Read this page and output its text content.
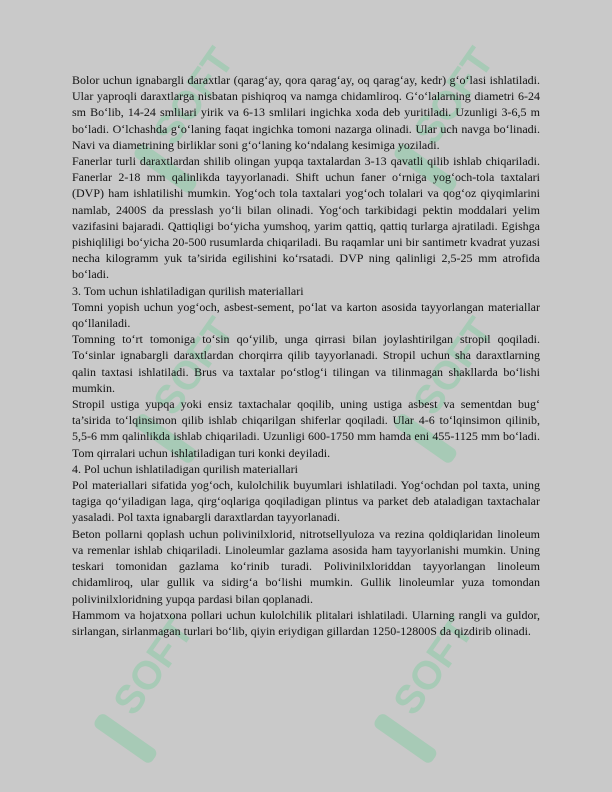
SOFT	SOFT
SOFT	SOFT
SOFT	SOFT

Bolor uchun ignabargli daraxtlar (qarag‘ay, qora qarag‘ay, oq qarag‘ay, kedr) g‘o‘lasi ishlatiladi. Ular yaproqli daraxtlarga nisbatan pishiqroq va namga chidamliroq. G‘o‘lalarning diametri 6-24 sm Bo‘lib, 14-24 smlilari yirik va 6-13 smlilari ingichka xoda deb yuritiladi. Uzunligi 3-6,5 m bo‘ladi. O‘lchashda g‘o‘laning faqat ingichka tomoni nazarga olinadi. Ular uch navga bo‘linadi. Navi va diametrining birliklar soni g‘o‘laning ko‘ndalang kesimiga yoziladi.

Fanerlar turli daraxtlardan shilib olingan yupqa taxtalardan 3-13 qavatli qilib ishlab chiqariladi. Fanerlar 2-18 mm qalinlikda tayyorlanadi. Shift uchun faner o‘rniga yog‘och-tola taxtalari (DVP) ham ishlatilishi mumkin. Yog‘och tola taxtalari yog‘och tolalari va qog‘oz qiyqimlarini namlab, 2400S da presslash yo‘li bilan olinadi. Yog‘och tarkibidagi pektin moddalari yelim vazifasini bajaradi. Qattiqligi bo‘yicha yumshoq, yarim qattiq, qattiq turlarga ajratiladi. Egishga pishiqliligi bo‘yicha 20-500 rusumlarda chiqariladi. Bu raqamlar uni bir santimetr kvadrat yuzasi necha kilogramm yuk ta’sirida egilishini ko‘rsatadi. DVP ning qalinligi 2,5-25 mm atrofida bo‘ladi.

3. Tom uchun ishlatiladigan qurilish materiallari

Tomni yopish uchun yog‘och, asbest-sement, po‘lat va karton asosida tayyorlangan materiallar qo‘llaniladi.

Tomning to‘rt tomoniga to‘sin qo‘yilib, unga qirrasi bilan joylashtirilgan stropil qoqiladi. To‘sinlar ignabargli daraxtlardan chorqirra qilib tayyorlanadi. Stropil uchun sha daraxtlarning qalin taxtasi ishlatiladi. Brus va taxtalar po‘stlog‘i tilingan va tilinmagan shakllarda bo‘lishi mumkin.

Stropil ustiga yupqa yoki ensiz taxtachalar qoqilib, uning ustiga asbest va sementdan bug‘ ta’sirida to‘lqinsimon qilib ishlab chiqarilgan shiferlar qoqiladi. Ular 4-6 to‘lqinsimon qilinib, 5,5-6 mm qalinlikda ishlab chiqariladi. Uzunligi 600-1750 mm hamda eni 455-1125 mm bo‘ladi. Tom qirralari uchun ishlatiladigan turi konki deyiladi.

4. Pol uchun ishlatiladigan qurilish materiallari

Pol materiallari sifatida yog‘och, kulolchilik buyumlari ishlatiladi. Yog‘ochdan pol taxta, uning tagiga qo‘yiladigan laga, qirg‘oqlariga qoqiladigan plintus va parket deb ataladigan taxtachalar yasaladi. Pol taxta ignabargli daraxtlardan tayyorlanadi.

Beton pollarni qoplash uchun polivinilxlorid, nitrotsellyuloza va rezina qoldiqlaridan linoleum va remenlar ishlab chiqariladi. Linoleumlar gazlama asosida ham tayyorlanishi mumkin. Uning teskari tomonidan gazlama ko‘rinib turadi. Polivinilxloriddan tayyorlangan linoleum chidamliroq, ular gullik va sidirg‘a bo‘lishi mumkin. Gullik linoleumlar yuza tomondan polivinilxloridning yupqa pardasi bilan qoplanadi.

Hammom va hojatxona pollari uchun kulolchilik plitalari ishlatiladi. Ularning rangli va guldor, sirlangan, sirlanmagan turlari bo‘lib, qiyin eriydigan gillardan 1250-12800S da qizdirib olinadi.
